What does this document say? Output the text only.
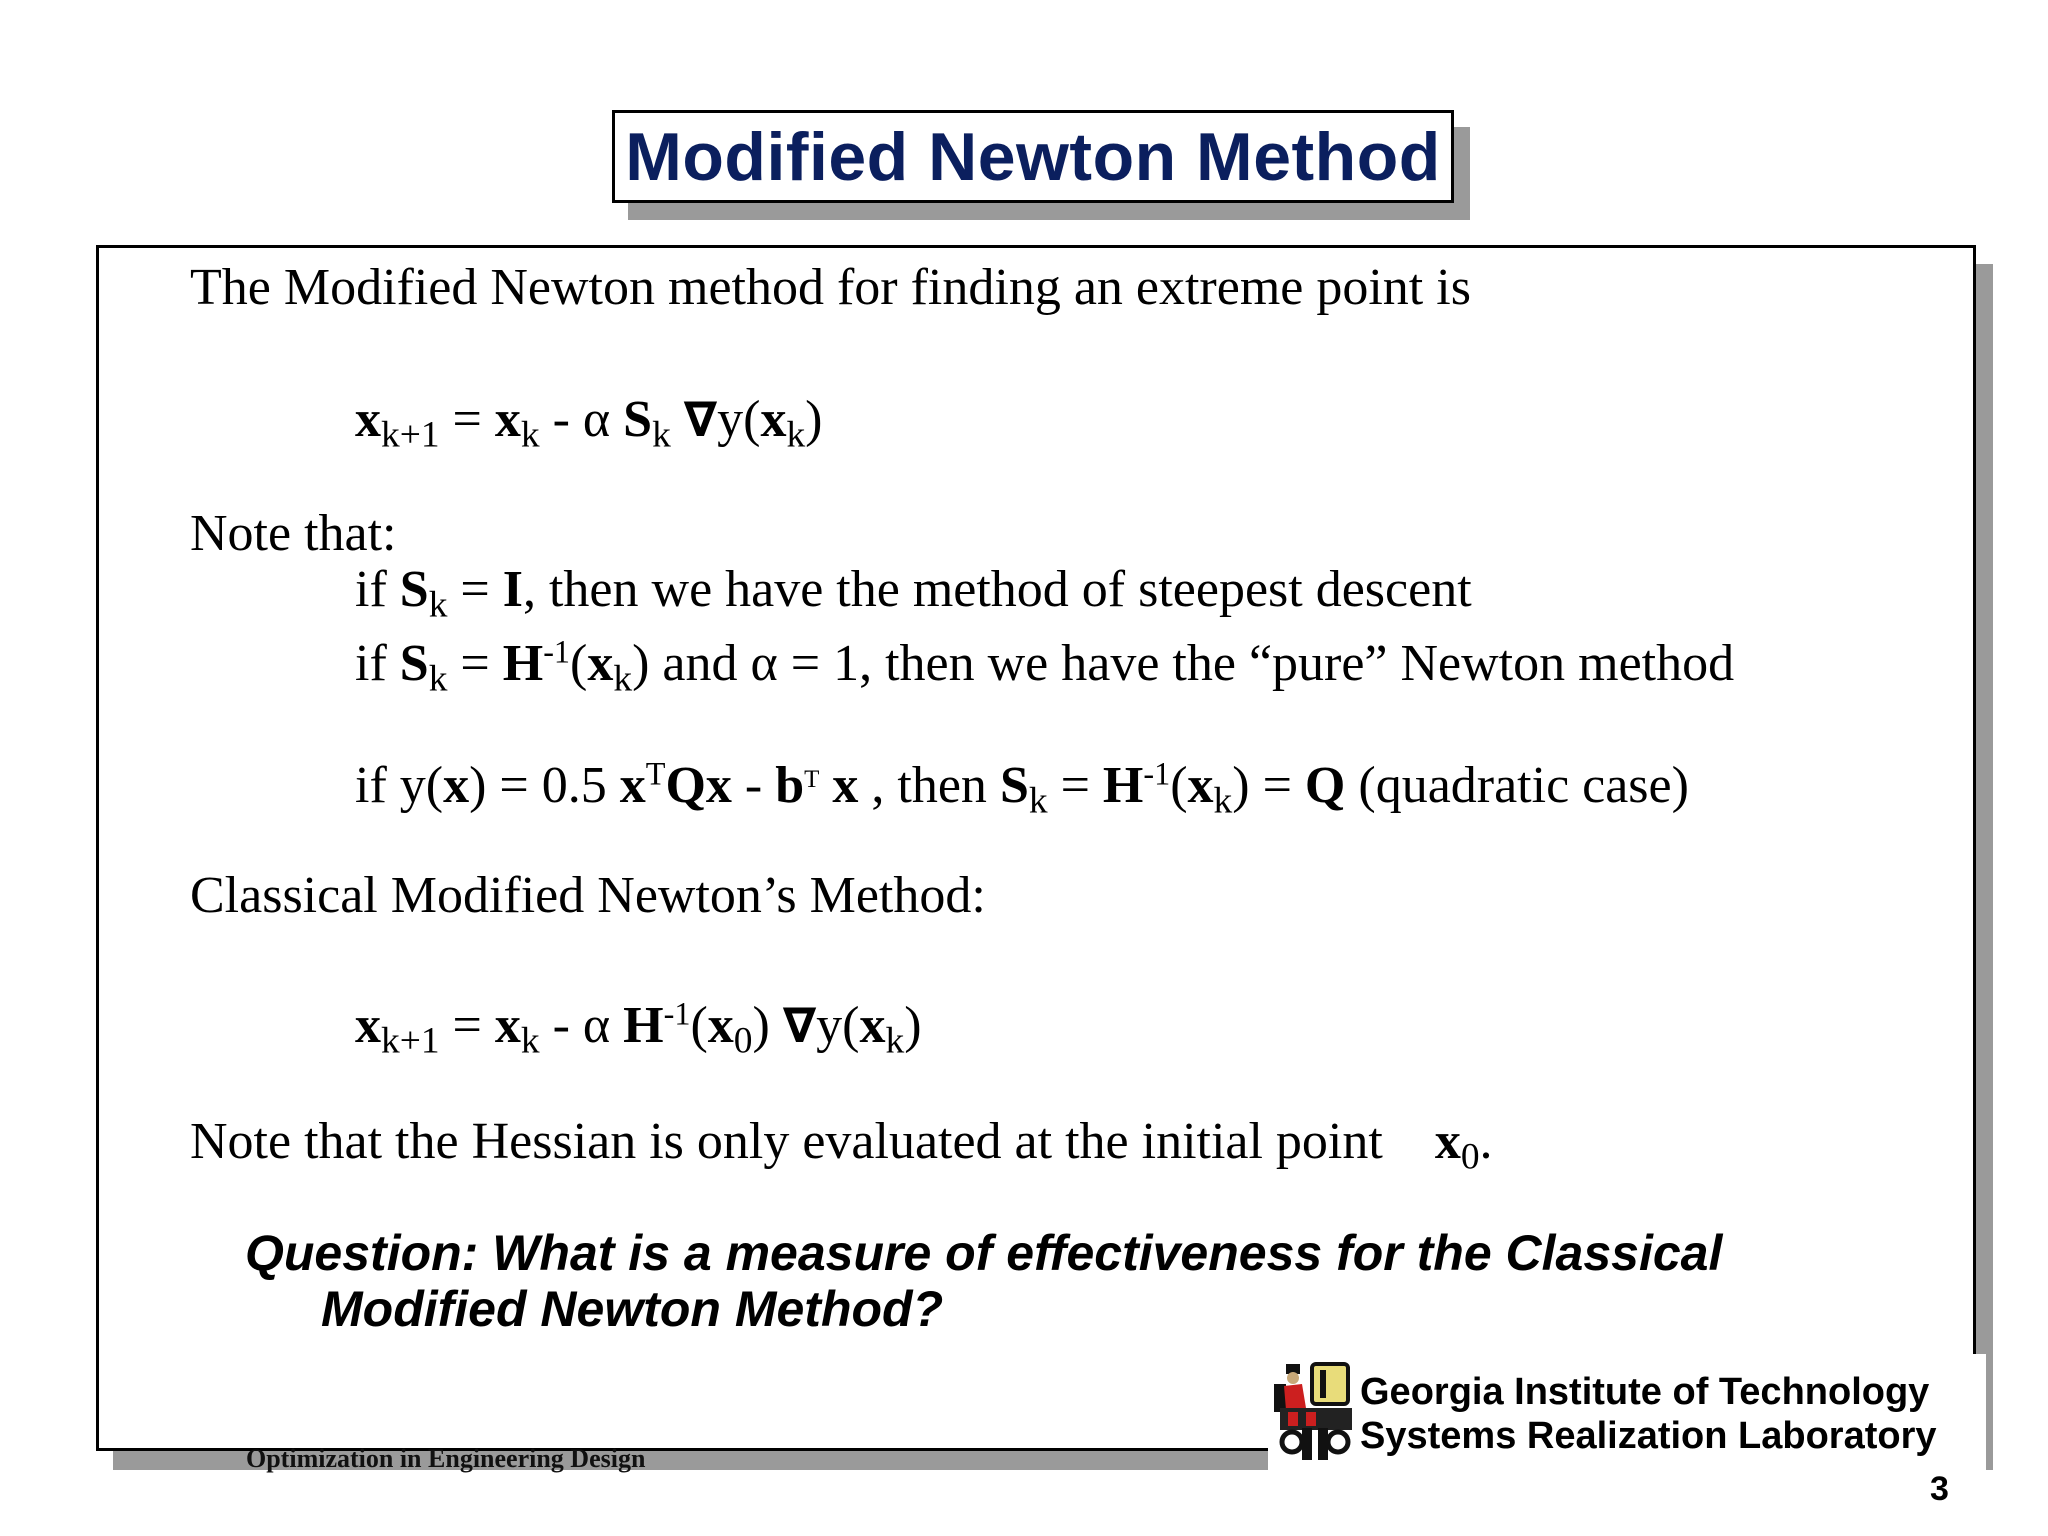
Modified Newton Method
The Modified Newton method for finding an extreme point is
$x_{k+1} = x_k - \alpha$ $S_k$ $\nabla y(x_k)$
Note that:
if $S_k = I$, then we have the method of steepest descent
if $S_k = H^{-1}(x_k)$ and α = 1, then we have the “pure” Newton method
if y(x) = 0.5 $x^TQx - b^T$ x , then $S_k = H^{-1}(x_k) = Q$ (quadratic case)
Classical Modified Newton’s Method:
$x_{k+1} = x_k - \alpha$ $H^{-1}(x_0)$ $\nabla y(x_k)$
Note that the Hessian is only evaluated at the initial point $x_0$.
Question: What is a measure of effectiveness for the Classical
Modified Newton Method?
Optimization in Engineering Design
Georgia Institute of Technology
Systems Realization Laboratory
3
